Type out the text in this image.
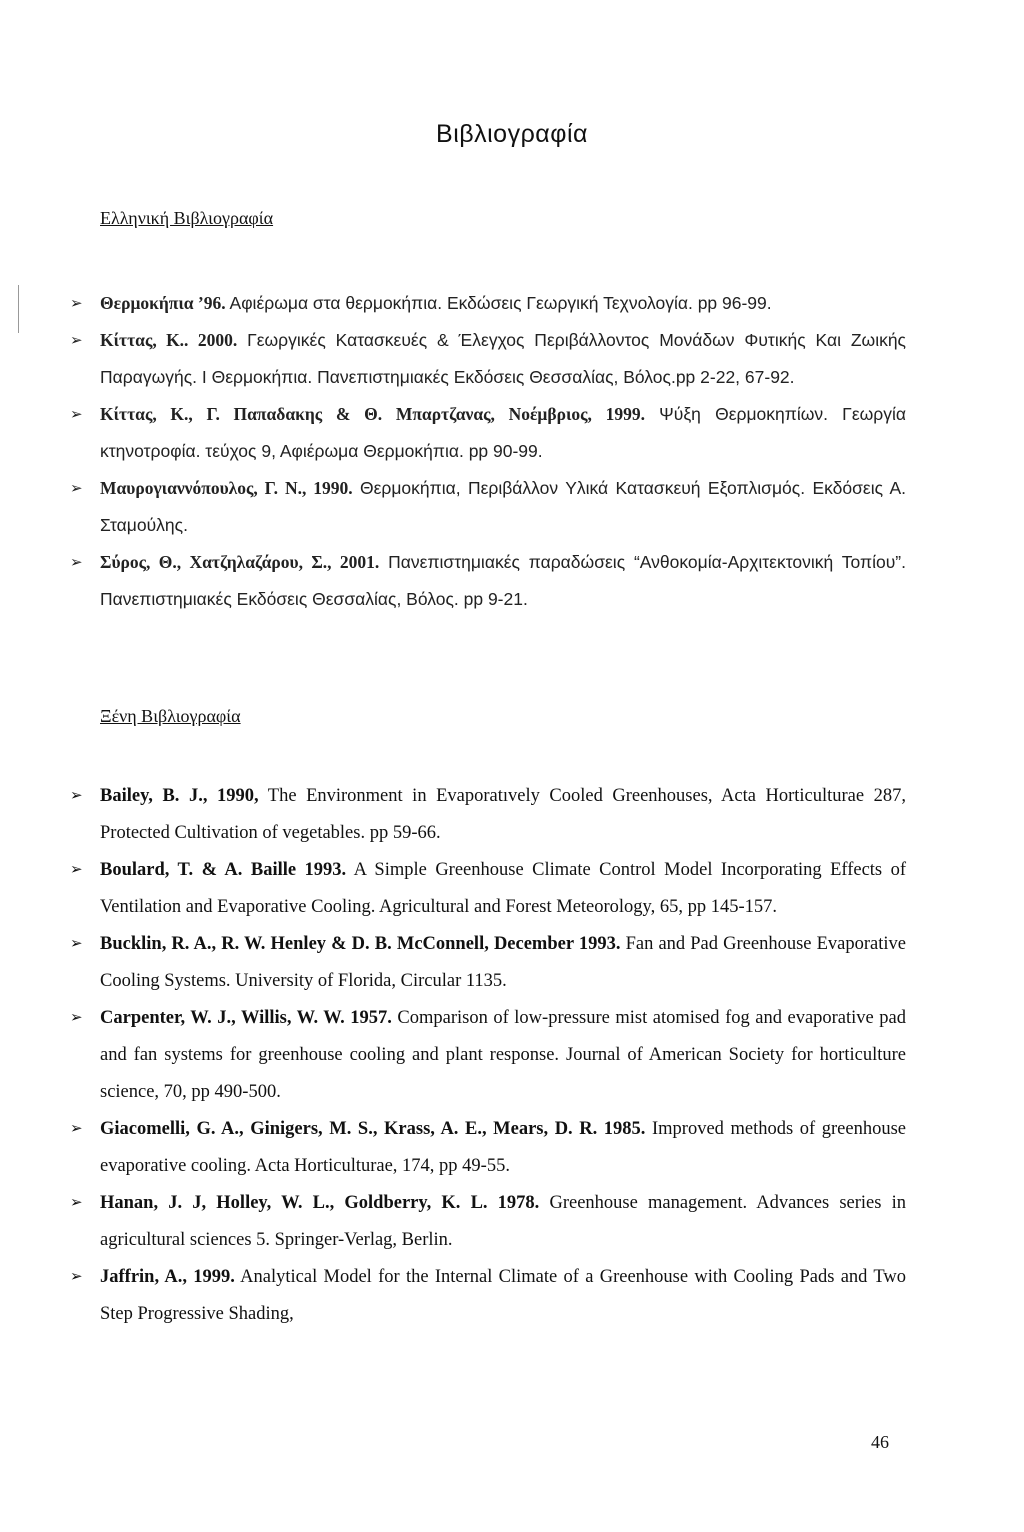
Βιβλιογραφία
Ελληνική Βιβλιογραφία
➢ Θερμοκήπια ’96. Αφιέρωμα στα θερμοκήπια. Εκδώσεις Γεωργική Τεχνολογία. pp 96-99.
➢ Κίττας, Κ.. 2000. Γεωργικές Κατασκευές & Έλεγχος Περιβάλλοντος Μονάδων Φυτικής Και Ζωικής Παραγωγής. Ι Θερμοκήπια. Πανεπιστημιακές Εκδόσεις Θεσσαλίας, Βόλος.pp 2-22, 67-92.
➢ Κίττας, Κ., Γ. Παπαδακης & Θ. Μπαρτζανας, Νοέμβριος, 1999. Ψύξη Θερμοκηπίων. Γεωργία κτηνοτροφία. τεύχος 9, Αφιέρωμα Θερμοκήπια. pp 90-99.
➢ Μαυρογιαννόπουλος, Γ. Ν., 1990. Θερμοκήπια, Περιβάλλον Υλικά Κατασκευή Εξοπλισμός. Εκδόσεις Α. Σταμούλης.
➢ Σύρος, Θ., Χατζηλαζάρου, Σ., 2001. Πανεπιστημιακές παραδώσεις “Ανθοκομία-Αρχιτεκτονική Τοπίου”. Πανεπιστημιακές Εκδόσεις Θεσσαλίας, Βόλος. pp 9-21.
Ξένη Βιβλιογραφία
➢ Bailey, B. J., 1990, The Environment in Evaporatıvely Cooled Greenhouses, Acta Horticulturae 287, Protected Cultivation of vegetables. pp 59-66.
➢ Boulard, T. & A. Baille 1993. A Simple Greenhouse Climate Control Model Incorporating Effects of Ventilation and Evaporative Cooling. Agricultural and Forest Meteorology, 65, pp 145-157.
➢ Bucklin, R. A., R. W. Henley & D. B. McConnell, December 1993. Fan and Pad Greenhouse Evaporative Cooling Systems. University of Florida, Circular 1135.
➢ Carpenter, W. J., Willis, W. W. 1957. Comparison of low-pressure mist atomised fog and evaporative pad and fan systems for greenhouse cooling and plant response. Journal of American Society for horticulture science, 70, pp 490-500.
➢ Giacomelli, G. A., Ginigers, M. S., Krass, A. E., Mears, D. R. 1985. Improved methods of greenhouse evaporative cooling. Acta Horticulturae, 174, pp 49-55.
➢ Hanan, J. J, Holley, W. L., Goldberry, K. L. 1978. Greenhouse management. Advances series in agricultural sciences 5. Springer-Verlag, Berlin.
➢ Jaffrin, A., 1999. Analytical Model for the Internal Climate of a Greenhouse with Cooling Pads and Two Step Progressive Shading,
46
